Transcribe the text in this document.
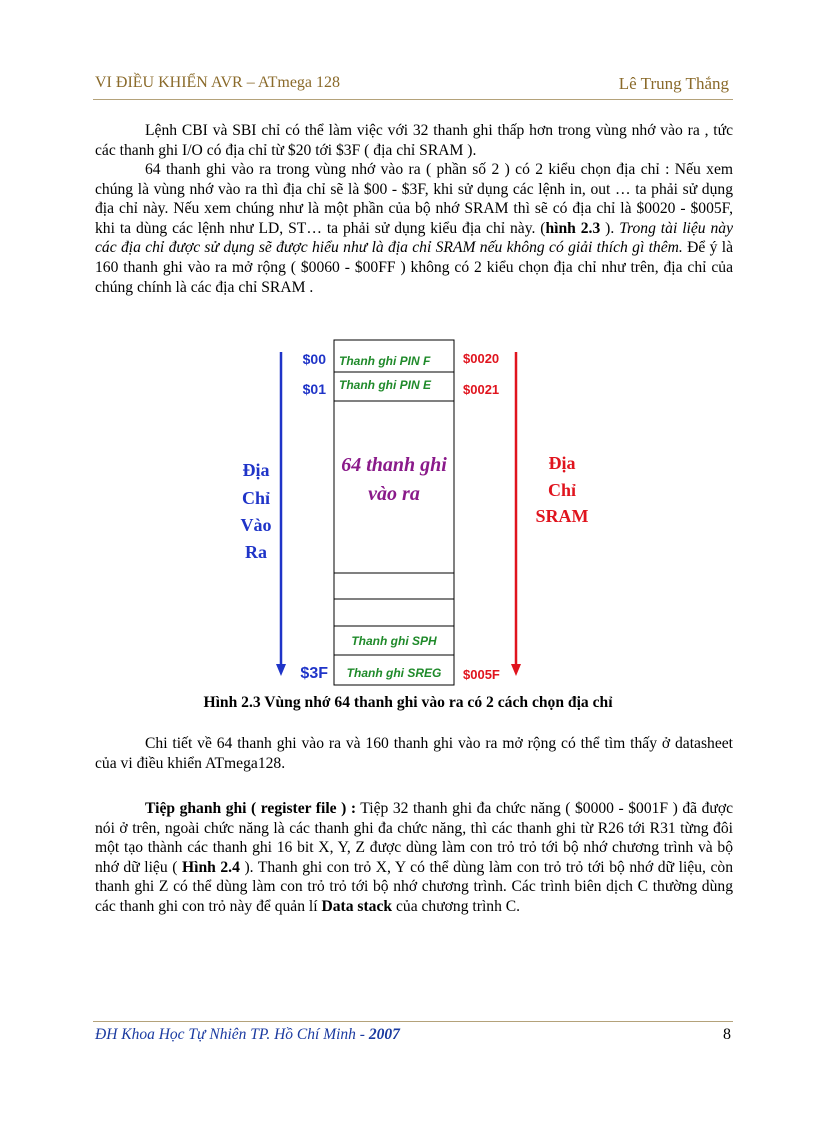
VI ĐIỀU KHIỂN AVR – ATmega 128	Lê Trung Thắng

Lệnh CBI và SBI chỉ có thể làm việc với 32 thanh ghi thấp hơn trong vùng nhớ vào ra , tức các thanh ghi I/O có địa chỉ từ $20 tới $3F ( địa chỉ SRAM ).

64 thanh ghi vào ra trong vùng nhớ vào ra ( phần số 2 ) có 2 kiểu chọn địa chỉ : Nếu xem chúng là vùng nhớ vào ra thì địa chỉ sẽ là $00 - $3F, khi sử dụng các lệnh in, out … ta phải sử dụng địa chỉ này. Nếu xem chúng như là một phần của bộ nhớ SRAM thì sẽ có địa chỉ là $0020 - $005F, khi ta dùng các lệnh như LD, ST… ta phải sử dụng kiểu địa chỉ này. (hình 2.3 ). Trong tài liệu này các địa chỉ được sử dụng sẽ được hiểu như là địa chỉ SRAM nếu không có giải thích gì thêm. Để ý là 160 thanh ghi vào ra mở rộng ( $0060 - $00FF ) không có 2 kiểu chọn địa chỉ như trên, địa chỉ của chúng chính là các địa chỉ SRAM .

Thanh ghi PIN F
Thanh ghi PIN E
64 thanh ghi
vào ra
Thanh ghi SPH
Thanh ghi SREG
$00
$01
$3F
$0020
$0021
$005F
Địa
Chỉ
Vào
Ra
Địa
Chỉ
SRAM
Hình 2.3 Vùng nhớ 64 thanh ghi vào ra có 2 cách chọn địa chỉ

Chi tiết về 64 thanh ghi vào ra và 160 thanh ghi vào ra mở rộng có thể tìm thấy ở datasheet của vi điều khiển ATmega128.

Tiệp ghanh ghi ( register file ) : Tiệp 32 thanh ghi đa chức năng ( $0000 - $001F ) đã được nói ở trên, ngoài chức năng là các thanh ghi đa chức năng, thì các thanh ghi từ R26 tới R31 từng đôi một tạo thành các thanh ghi 16 bit X, Y, Z được dùng làm con trỏ trỏ tới bộ nhớ chương trình và bộ nhớ dữ liệu ( Hình 2.4 ). Thanh ghi con trỏ X, Y có thể dùng làm con trỏ trỏ tới bộ nhớ dữ liệu, còn thanh ghi Z có thể dùng làm con trỏ trỏ tới bộ nhớ chương trình. Các trình biên dịch C thường dùng các thanh ghi con trỏ này để quản lí Data stack của chương trình C.

ĐH Khoa Học Tự Nhiên TP. Hồ Chí Minh - 2007	8
